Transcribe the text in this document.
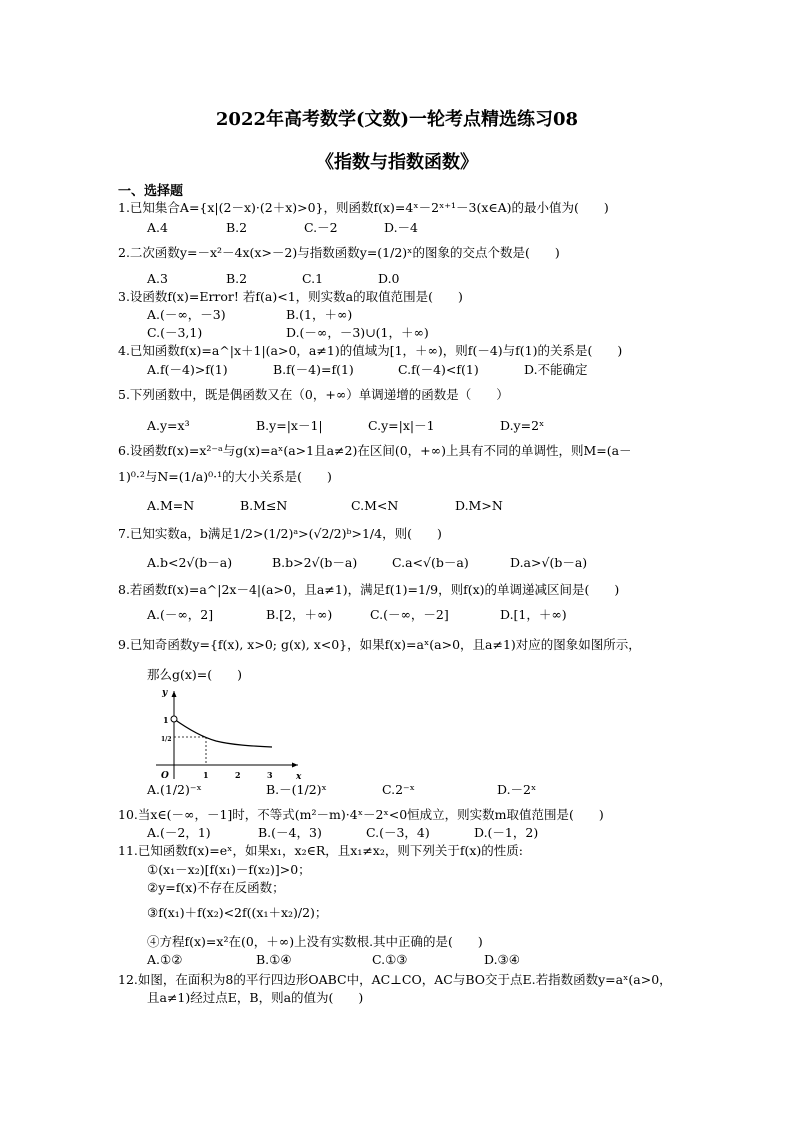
2022年高考数学(文数)一轮考点精选练习08
《指数与指数函数》
一、选择题
1.已知集合A={x|(2－x)·(2＋x)>0}，则函数f(x)=4ˣ－2ˣ⁺¹－3(x∈A)的最小值为(　　)
A.4	B.2	C.－2	D.－4
2.二次函数y=－x²－4x(x>－2)与指数函数y=(1/2)ˣ的图象的交点个数是(　　)
A.3	B.2	C.1	D.0
3.设函数f(x)=Error! 若f(a)<1，则实数a的取值范围是(　　)
A.(－∞，－3)	B.(1，＋∞)
C.(－3,1)	D.(－∞，－3)∪(1，＋∞)
4.已知函数f(x)=a^|x＋1|(a>0，a≠1)的值域为[1，＋∞)，则f(－4)与f(1)的关系是(　　)
A.f(－4)>f(1)	B.f(－4)=f(1)	C.f(－4)<f(1)	D.不能确定
5.下列函数中，既是偶函数又在（0，+∞）单调递增的函数是（　　）
A.y=x³	B.y=|x－1|	C.y=|x|－1	D.y=2ˣ
6.设函数f(x)=x²⁻ᵃ与g(x)=aˣ(a>1且a≠2)在区间(0，+∞)上具有不同的单调性，则M=(a－
1)⁰·²与N=(1/a)⁰·¹的大小关系是(　　)
A.M=N	B.M≤N	C.M<N	D.M>N
7.已知实数a，b满足1/2>(1/2)ᵃ>(√2/2)ᵇ>1/4，则(　　)
A.b<2√(b－a)	B.b>2√(b－a)	C.a<√(b－a)	D.a>√(b－a)
8.若函数f(x)=a^|2x－4|(a>0，且a≠1)，满足f(1)=1/9，则f(x)的单调递减区间是(　　)
A.(－∞，2]	B.[2，＋∞)	C.(－∞，－2]	D.[1，＋∞)
9.已知奇函数y={f(x), x>0; g(x), x<0}，如果f(x)=aˣ(a>0，且a≠1)对应的图象如图所示，
那么g(x)=(　　)
y
x
O
1
1/2
1	2	3
A.(1/2)⁻ˣ	B.－(1/2)ˣ	C.2⁻ˣ	D.－2ˣ
10.当x∈(－∞，－1]时，不等式(m²－m)·4ˣ－2ˣ<0恒成立，则实数m取值范围是(　　)
A.(－2，1)	B.(－4，3)	C.(－3，4)	D.(－1，2)
11.已知函数f(x)=eˣ，如果x₁，x₂∈R，且x₁≠x₂，则下列关于f(x)的性质:
①(x₁－x₂)[f(x₁)－f(x₂)]>0；
②y=f(x)不存在反函数；
③f(x₁)＋f(x₂)<2f((x₁＋x₂)/2)；
④方程f(x)=x²在(0，＋∞)上没有实数根.其中正确的是(　　)
A.①②	B.①④	C.①③	D.③④
12.如图，在面积为8的平行四边形OABC中，AC⊥CO，AC与BO交于点E.若指数函数y=aˣ(a>0，
且a≠1)经过点E，B，则a的值为(　　)
